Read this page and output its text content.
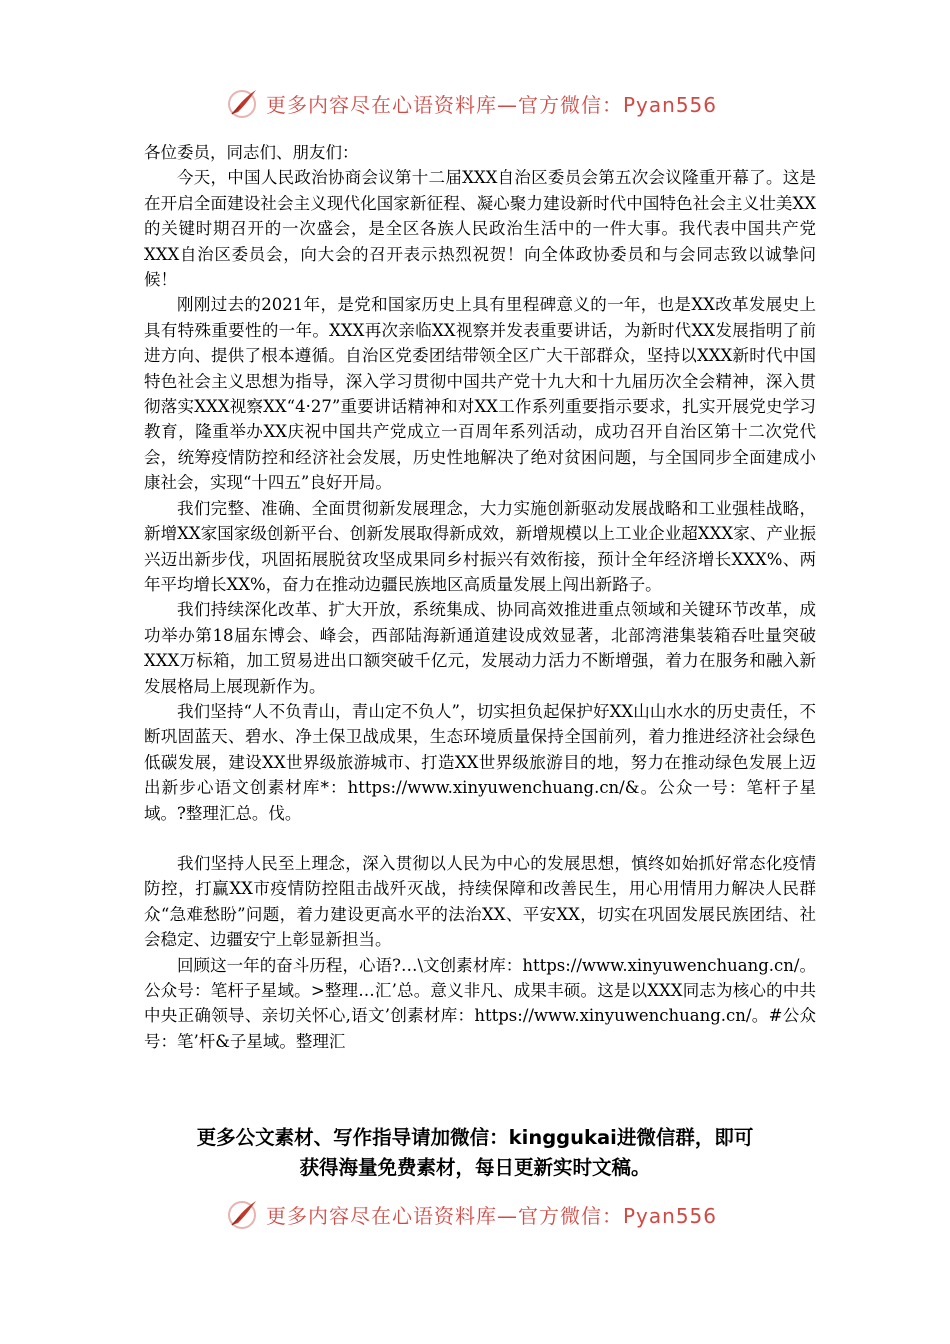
更多内容尽在心语资料库—官方微信：Pyan556

各位委员，同志们、朋友们：

今天，中国人民政治协商会议第十二届XXX自治区委员会第五次会议隆重开幕了。这是在开启全面建设社会主义现代化国家新征程、凝心聚力建设新时代中国特色社会主义壮美XX的关键时期召开的一次盛会，是全区各族人民政治生活中的一件大事。我代表中国共产党XXX自治区委员会，向大会的召开表示热烈祝贺！向全体政协委员和与会同志致以诚挚问候！

刚刚过去的2021年，是党和国家历史上具有里程碑意义的一年，也是XX改革发展史上具有特殊重要性的一年。XXX再次亲临XX视察并发表重要讲话，为新时代XX发展指明了前进方向、提供了根本遵循。自治区党委团结带领全区广大干部群众，坚持以XXX新时代中国特色社会主义思想为指导，深入学习贯彻中国共产党十九大和十九届历次全会精神，深入贯彻落实XXX视察XX“4·27”重要讲话精神和对XX工作系列重要指示要求，扎实开展党史学习教育，隆重举办XX庆祝中国共产党成立一百周年系列活动，成功召开自治区第十二次党代会，统筹疫情防控和经济社会发展，历史性地解决了绝对贫困问题，与全国同步全面建成小康社会，实现“十四五”良好开局。

我们完整、准确、全面贯彻新发展理念，大力实施创新驱动发展战略和工业强桂战略，新增XX家国家级创新平台、创新发展取得新成效，新增规模以上工业企业超XXX家、产业振兴迈出新步伐，巩固拓展脱贫攻坚成果同乡村振兴有效衔接，预计全年经济增长XXX%、两年平均增长XX%，奋力在推动边疆民族地区高质量发展上闯出新路子。

我们持续深化改革、扩大开放，系统集成、协同高效推进重点领域和关键环节改革，成功举办第18届东博会、峰会，西部陆海新通道建设成效显著，北部湾港集装箱吞吐量突破XXX万标箱，加工贸易进出口额突破千亿元，发展动力活力不断增强，着力在服务和融入新发展格局上展现新作为。

我们坚持“人不负青山，青山定不负人”，切实担负起保护好XX山山水水的历史责任，不断巩固蓝天、碧水、净土保卫战成果，生态环境质量保持全国前列，着力推进经济社会绿色低碳发展，建设XX世界级旅游城市、打造XX世界级旅游目的地，努力在推动绿色发展上迈出新步心语文创素材库*：https://www.xinyuwenchuang.cn/&。公众一号：笔杆子星域。?整理汇总。伐。

我们坚持人民至上理念，深入贯彻以人民为中心的发展思想，慎终如始抓好常态化疫情防控，打赢XX市疫情防控阻击战歼灭战，持续保障和改善民生，用心用情用力解决人民群众“急难愁盼”问题，着力建设更高水平的法治XX、平安XX，切实在巩固发展民族团结、社会稳定、边疆安宁上彰显新担当。

回顾这一年的奋斗历程，心语?…\文创素材库：https://www.xinyuwenchuang.cn/。公众号：笔杆子星域。>整理…汇’总。意义非凡、成果丰硕。这是以XXX同志为核心的中共中央正确领导、亲切关怀心,语文’创素材库：https://www.xinyuwenchuang.cn/。#公众号：笔’杆&子星域。整理汇

更多公文素材、写作指导请加微信：kinggukai进微信群，即可
获得海量免费素材，每日更新实时文稿。
更多内容尽在心语资料库—官方微信：Pyan556
